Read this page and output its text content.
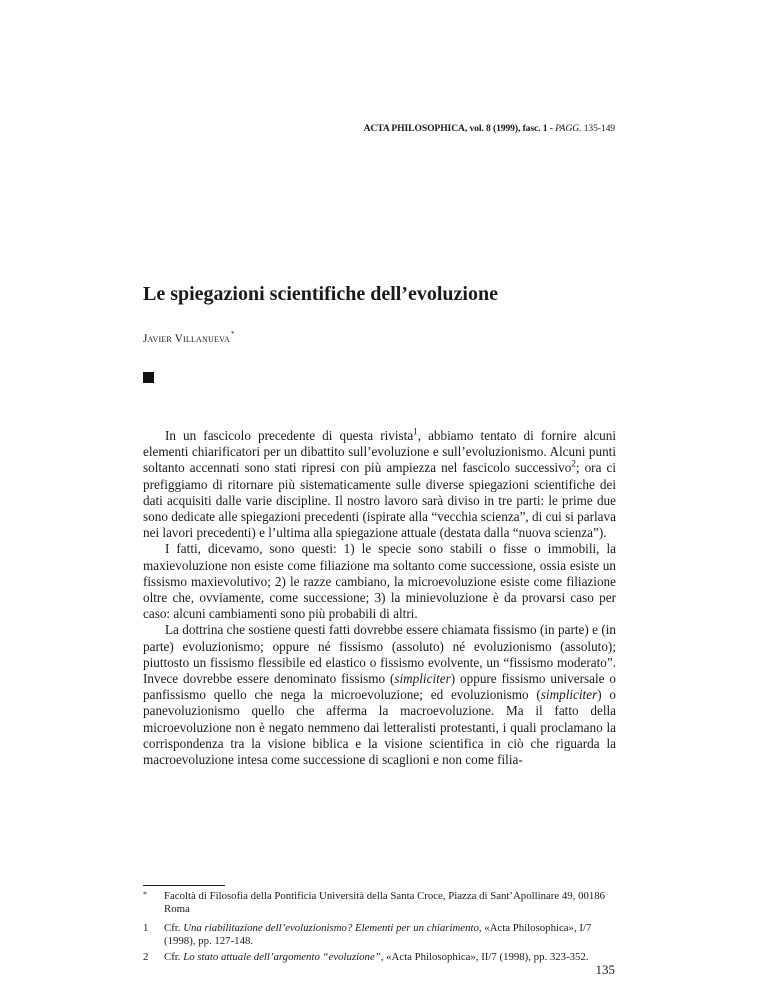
ACTA PHILOSOPHICA, vol. 8 (1999), fasc. 1 - PAGG. 135-149
Le spiegazioni scientifiche dell’evoluzione
Javier Villanueva*

In un fascicolo precedente di questa rivista$^1$, abbiamo tentato di fornire alcuni elementi chiarificatori per un dibattito sull’evoluzione e sull’evoluzionismo. Alcuni punti soltanto accennati sono stati ripresi con più ampiezza nel fascicolo successivo$^2$; ora ci prefiggiamo di ritornare più sistematicamente sulle diverse spiegazioni scientifiche dei dati acquisiti dalle varie discipline. Il nostro lavoro sarà diviso in tre parti: le prime due sono dedicate alle spiegazioni precedenti (ispirate alla “vecchia scienza”, di cui si parlava nei lavori precedenti) e l’ultima alla spiegazione attuale (destata dalla “nuova scienza”).

I fatti, dicevamo, sono questi: 1) le specie sono stabili o fisse o immobili, la maxievoluzione non esiste come filiazione ma soltanto come successione, ossia esiste un fissismo maxievolutivo; 2) le razze cambiano, la microevoluzione esiste come filiazione oltre che, ovviamente, come successione; 3) la minievoluzione è da provarsi caso per caso: alcuni cambiamenti sono più probabili di altri.

La dottrina che sostiene questi fatti dovrebbe essere chiamata fissismo (in parte) e (in parte) evoluzionismo; oppure né fissismo (assoluto) né evoluzionismo (assoluto); piuttosto un fissismo flessibile ed elastico o fissismo evolvente, un “fissismo moderato”. Invece dovrebbe essere denominato fissismo (simpliciter) oppure fissismo universale o panfissismo quello che nega la microevoluzione; ed evoluzionismo (simpliciter) o panevoluzionismo quello che afferma la macroevoluzione. Ma il fatto della microevoluzione non è negato nemmeno dai letteralisti protestanti, i quali proclamano la corrispondenza tra la visione biblica e la visione scientifica in ciò che riguarda la macroevoluzione intesa come successione di scaglioni e non come filia-

* Facoltà di Filosofia della Pontificia Università della Santa Croce, Piazza di Sant’Apollinare 49, 00186 Roma
1 Cfr. Una riabilitazione dell’evoluzionismo? Elementi per un chiarimento, «Acta Philosophica», I/7 (1998), pp. 127-148.
2 Cfr. Lo stato attuale dell’argomento “evoluzione”, «Acta Philosophica», II/7 (1998), pp. 323-352.
135
